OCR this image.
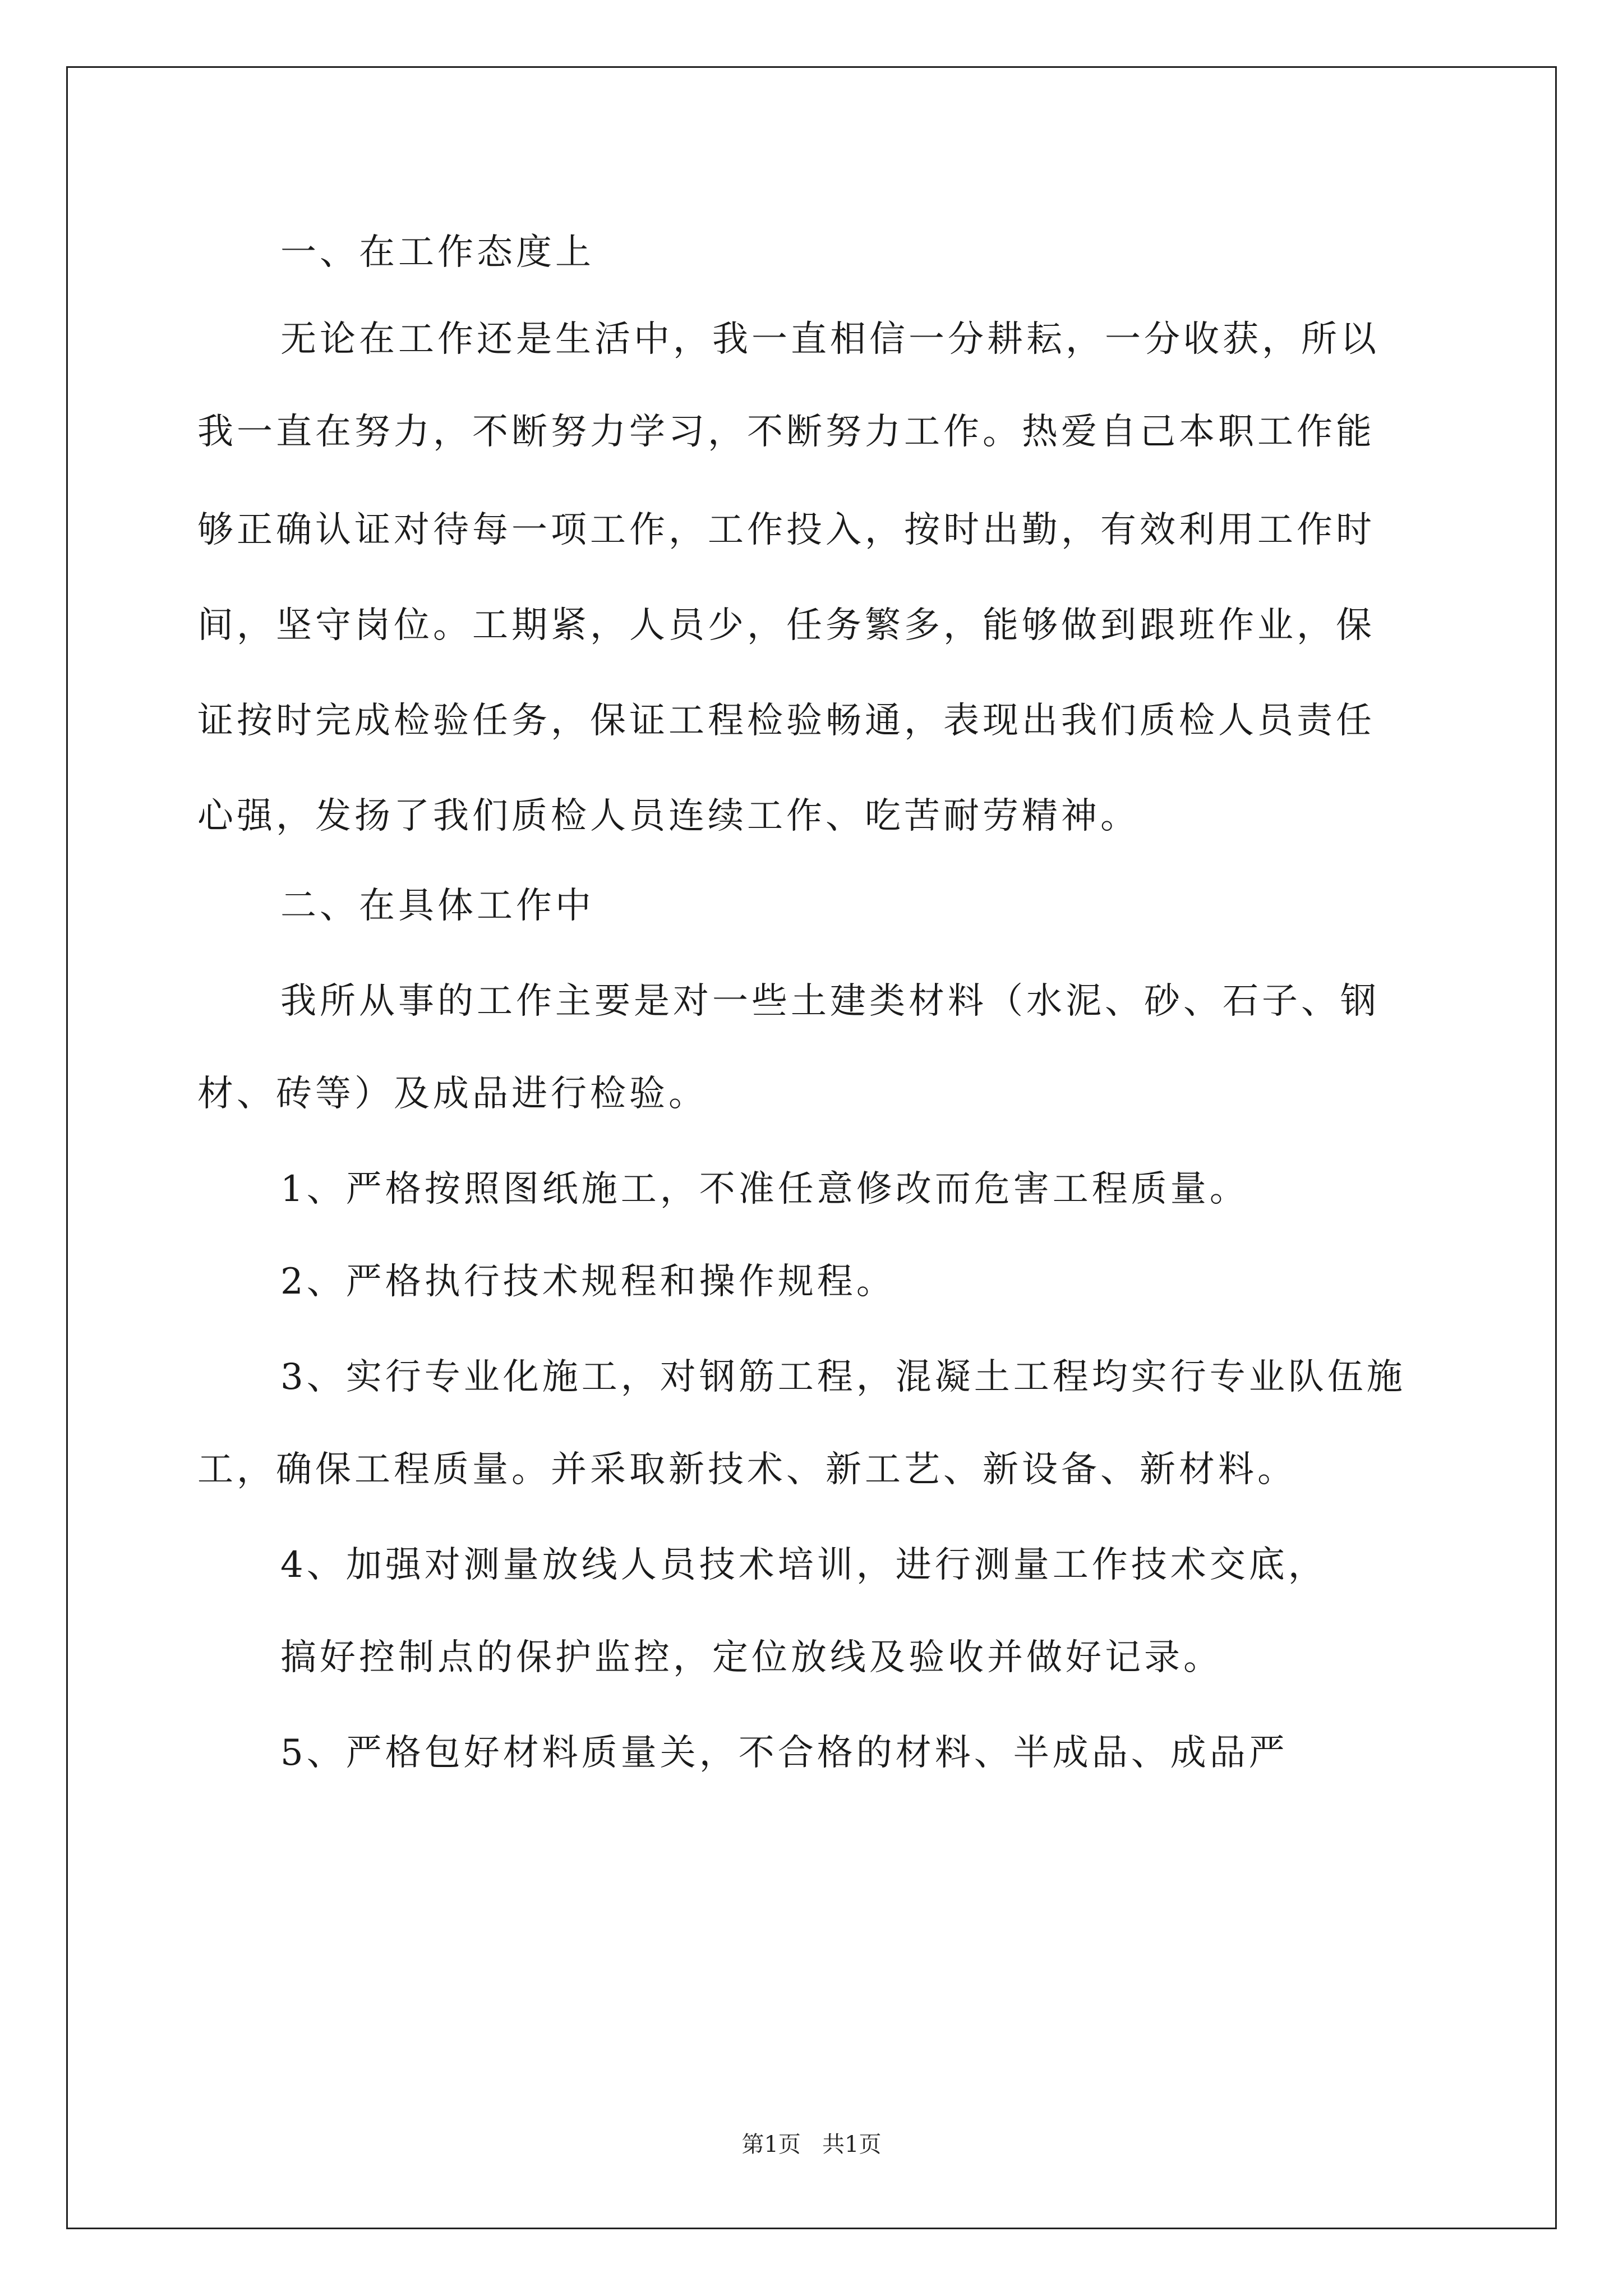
一、在工作态度上
无论在工作还是生活中，我一直相信一分耕耘，一分收获，所以
我一直在努力，不断努力学习，不断努力工作。热爱自己本职工作能
够正确认证对待每一项工作，工作投入，按时出勤，有效利用工作时
间，坚守岗位。工期紧，人员少，任务繁多，能够做到跟班作业，保
证按时完成检验任务，保证工程检验畅通，表现出我们质检人员责任
心强，发扬了我们质检人员连续工作、吃苦耐劳精神。
二、在具体工作中
我所从事的工作主要是对一些土建类材料（水泥、砂、石子、钢
材、砖等）及成品进行检验。
1、严格按照图纸施工，不准任意修改而危害工程质量。
2、严格执行技术规程和操作规程。
3、实行专业化施工，对钢筋工程，混凝土工程均实行专业队伍施
工，确保工程质量。并采取新技术、新工艺、新设备、新材料。
4、加强对测量放线人员技术培训，进行测量工作技术交底，
搞好控制点的保护监控，定位放线及验收并做好记录。
5、严格包好材料质量关，不合格的材料、半成品、成品严
第1页   共1页
